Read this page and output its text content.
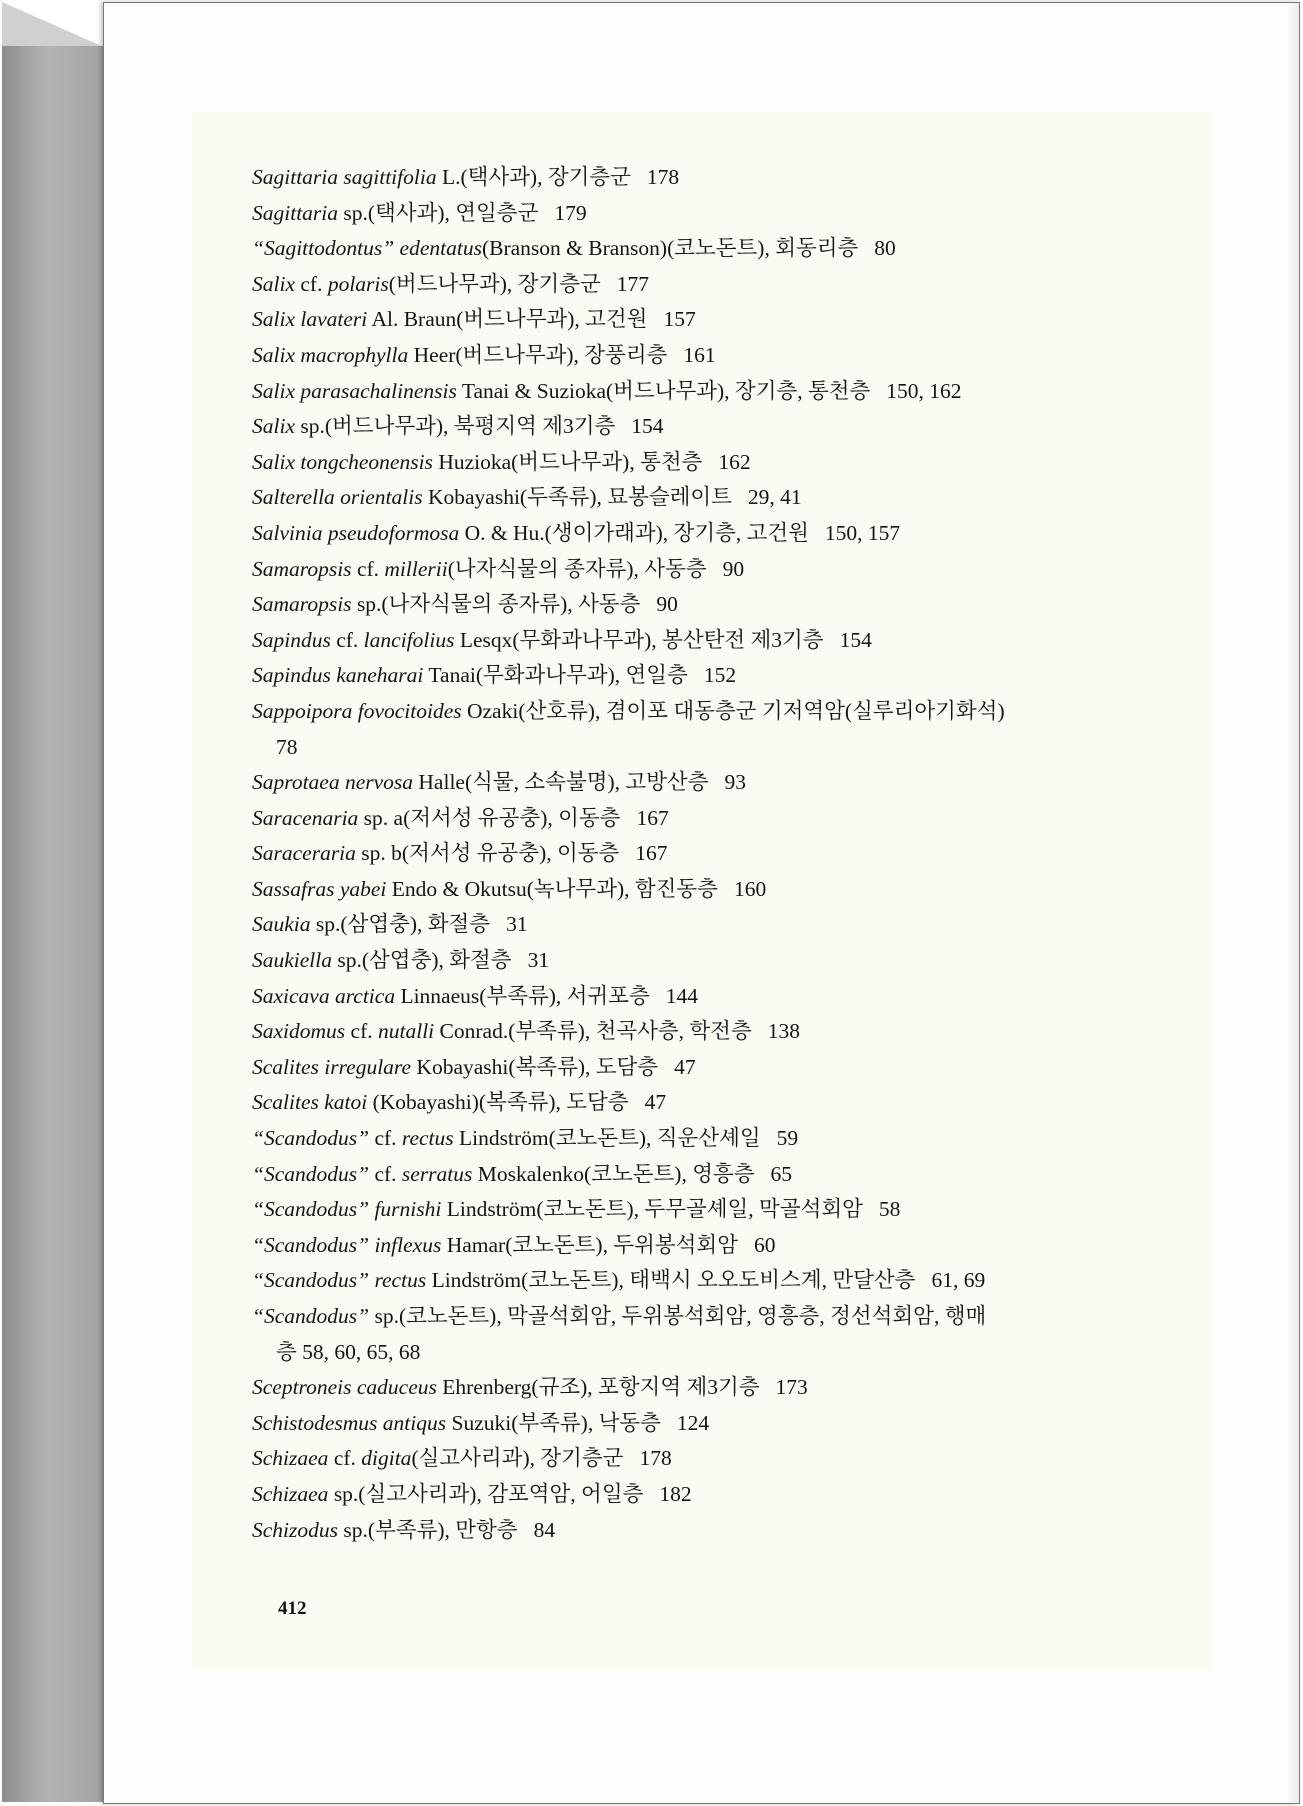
Sagittaria sagittifolia L.(택사과), 장기층군 178
Sagittaria sp.(택사과), 연일층군 179
“Sagittodontus” edentatus(Branson & Branson)(코노돈트), 회동리층 80
Salix cf. polaris(버드나무과), 장기층군 177
Salix lavateri Al. Braun(버드나무과), 고건원 157
Salix macrophylla Heer(버드나무과), 장풍리층 161
Salix parasachalinensis Tanai & Suzioka(버드나무과), 장기층, 통천층 150, 162
Salix sp.(버드나무과), 북평지역 제3기층 154
Salix tongcheonensis Huzioka(버드나무과), 통천층 162
Salterella orientalis Kobayashi(두족류), 묘봉슬레이트 29, 41
Salvinia pseudoformosa O. & Hu.(생이가래과), 장기층, 고건원 150, 157
Samaropsis cf. millerii(나자식물의 종자류), 사동층 90
Samaropsis sp.(나자식물의 종자류), 사동층 90
Sapindus cf. lancifolius Lesqx(무화과나무과), 봉산탄전 제3기층 154
Sapindus kaneharai Tanai(무화과나무과), 연일층 152
Sappoipora fovocitoides Ozaki(산호류), 겸이포 대동층군 기저역암(실루리아기화석)
78
Saprotaea nervosa Halle(식물, 소속불명), 고방산층 93
Saracenaria sp. a(저서성 유공충), 이동층 167
Saraceraria sp. b(저서성 유공충), 이동층 167
Sassafras yabei Endo & Okutsu(녹나무과), 함진동층 160
Saukia sp.(삼엽충), 화절층 31
Saukiella sp.(삼엽충), 화절층 31
Saxicava arctica Linnaeus(부족류), 서귀포층 144
Saxidomus cf. nutalli Conrad.(부족류), 천곡사층, 학전층 138
Scalites irregulare Kobayashi(복족류), 도담층 47
Scalites katoi (Kobayashi)(복족류), 도담층 47
“Scandodus” cf. rectus Lindström(코노돈트), 직운산셰일 59
“Scandodus” cf. serratus Moskalenko(코노돈트), 영흥층 65
“Scandodus” furnishi Lindström(코노돈트), 두무골셰일, 막골석회암 58
“Scandodus” inflexus Hamar(코노돈트), 두위봉석회암 60
“Scandodus” rectus Lindström(코노돈트), 태백시 오오도비스계, 만달산층 61, 69
“Scandodus” sp.(코노돈트), 막골석회암, 두위봉석회암, 영흥층, 정선석회암, 행매
층 58, 60, 65, 68
Sceptroneis caduceus Ehrenberg(규조), 포항지역 제3기층 173
Schistodesmus antiqus Suzuki(부족류), 낙동층 124
Schizaea cf. digita(실고사리과), 장기층군 178
Schizaea sp.(실고사리과), 감포역암, 어일층 182
Schizodus sp.(부족류), 만항층 84
412
